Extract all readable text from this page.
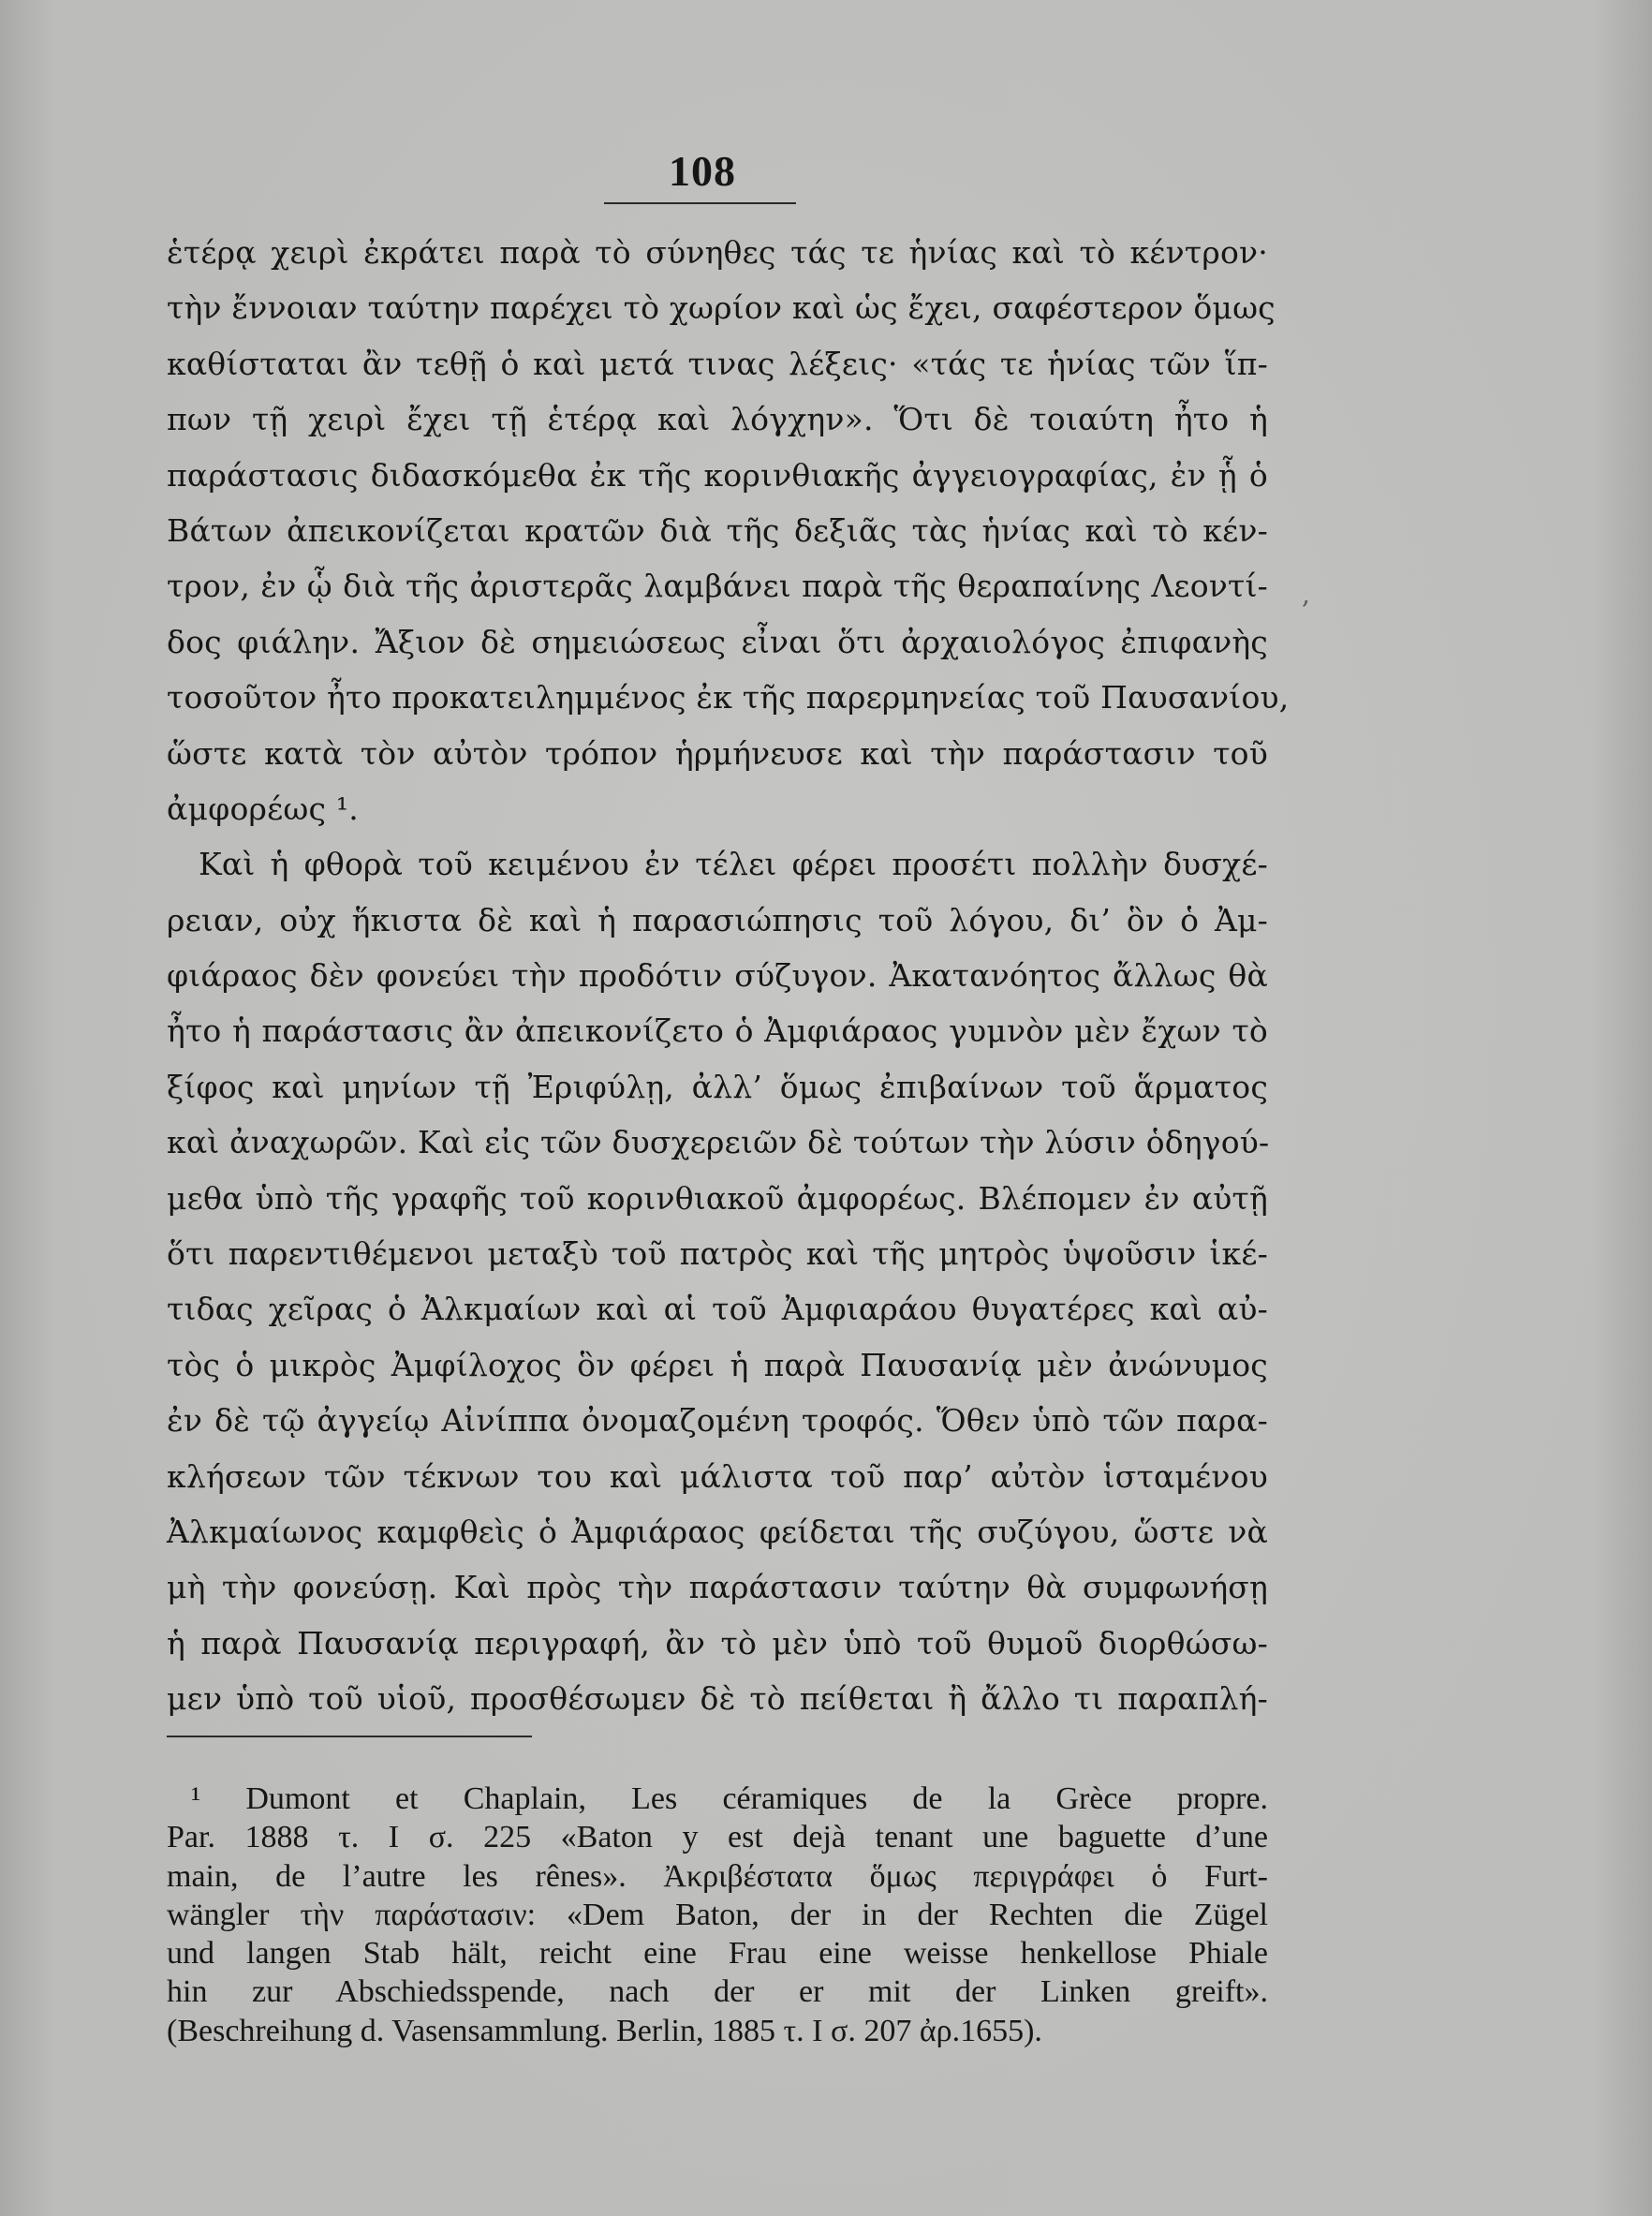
108
ἑτέρᾳ χειρὶ ἐκράτει παρὰ τὸ σύνηθες τάς τε ἡνίας καὶ τὸ κέντρον·
τὴν ἔννοιαν ταύτην παρέχει τὸ χωρίον καὶ ὡς ἔχει, σαφέστερον ὅμως
καθίσταται ἂν τεθῇ ὁ καὶ μετά τινας λέξεις· «τάς τε ἡνίας τῶν ἵπ-
πων τῇ χειρὶ ἔχει τῇ ἑτέρᾳ καὶ λόγχην». Ὅτι δὲ τοιαύτη ἦτο ἡ
παράστασις διδασκόμεθα ἐκ τῆς κορινθιακῆς ἀγγειογραφίας, ἐν ᾗ ὁ
Βάτων ἀπεικονίζεται κρατῶν διὰ τῆς δεξιᾶς τὰς ἡνίας καὶ τὸ κέν-
τρον, ἐν ᾧ διὰ τῆς ἀριστερᾶς λαμβάνει παρὰ τῆς θεραπαίνης Λεοντί-
δος φιάλην. Ἄξιον δὲ σημειώσεως εἶναι ὅτι ἀρχαιολόγος ἐπιφανὴς
τοσοῦτον ἦτο προκατειλημμένος ἐκ τῆς παρερμηνείας τοῦ Παυσανίου,
ὥστε κατὰ τὸν αὐτὸν τρόπον ἡρμήνευσε καὶ τὴν παράστασιν τοῦ
ἀμφορέως ¹.
Καὶ ἡ φθορὰ τοῦ κειμένου ἐν τέλει φέρει προσέτι πολλὴν δυσχέ-
ρειαν, οὐχ ἥκιστα δὲ καὶ ἡ παρασιώπησις τοῦ λόγου, δι’ ὃν ὁ Ἀμ-
φιάραος δὲν φονεύει τὴν προδότιν σύζυγον. Ἀκατανόητος ἄλλως θὰ
ἦτο ἡ παράστασις ἂν ἀπεικονίζετο ὁ Ἀμφιάραος γυμνὸν μὲν ἔχων τὸ
ξίφος καὶ μηνίων τῇ Ἐριφύλῃ, ἀλλ’ ὅμως ἐπιβαίνων τοῦ ἅρματος
καὶ ἀναχωρῶν. Καὶ εἰς τῶν δυσχερειῶν δὲ τούτων τὴν λύσιν ὁδηγού-
μεθα ὑπὸ τῆς γραφῆς τοῦ κορινθιακοῦ ἀμφορέως. Βλέπομεν ἐν αὐτῇ
ὅτι παρεντιθέμενοι μεταξὺ τοῦ πατρὸς καὶ τῆς μητρὸς ὑψοῦσιν ἱκέ-
τιδας χεῖρας ὁ Ἀλκμαίων καὶ αἱ τοῦ Ἀμφιαράου θυγατέρες καὶ αὐ-
τὸς ὁ μικρὸς Ἀμφίλοχος ὃν φέρει ἡ παρὰ Παυσανίᾳ μὲν ἀνώνυμος
ἐν δὲ τῷ ἀγγείῳ Αἰνίππα ὀνομαζομένη τροφός. Ὅθεν ὑπὸ τῶν παρα-
κλήσεων τῶν τέκνων του καὶ μάλιστα τοῦ παρ’ αὐτὸν ἱσταμένου
Ἀλκμαίωνος καμφθεὶς ὁ Ἀμφιάραος φείδεται τῆς συζύγου, ὥστε νὰ
μὴ τὴν φονεύσῃ. Καὶ πρὸς τὴν παράστασιν ταύτην θὰ συμφωνήσῃ
ἡ παρὰ Παυσανίᾳ περιγραφή, ἂν τὸ μὲν ὑπὸ τοῦ θυμοῦ διορθώσω-
μεν ὑπὸ τοῦ υἱοῦ, προσθέσωμεν δὲ τὸ πείθεται ἢ ἄλλο τι παραπλή-
,
¹ Dumont et Chaplain, Les céramiques de la Grèce propre.
Par. 1888 τ. I σ. 225 «Baton y est dejà tenant une baguette d’une
main, de l’autre les rênes». Ἀκριβέστατα ὅμως περιγράφει ὁ Furt-
wängler τὴν παράστασιν: «Dem Baton, der in der Rechten die Zügel
und langen Stab hält, reicht eine Frau eine weisse henkellose Phiale
hin zur Abschiedsspende, nach der er mit der Linken greift».
(Beschreihung d. Vasensammlung. Berlin, 1885 τ. I σ. 207 ἀρ.1655).
